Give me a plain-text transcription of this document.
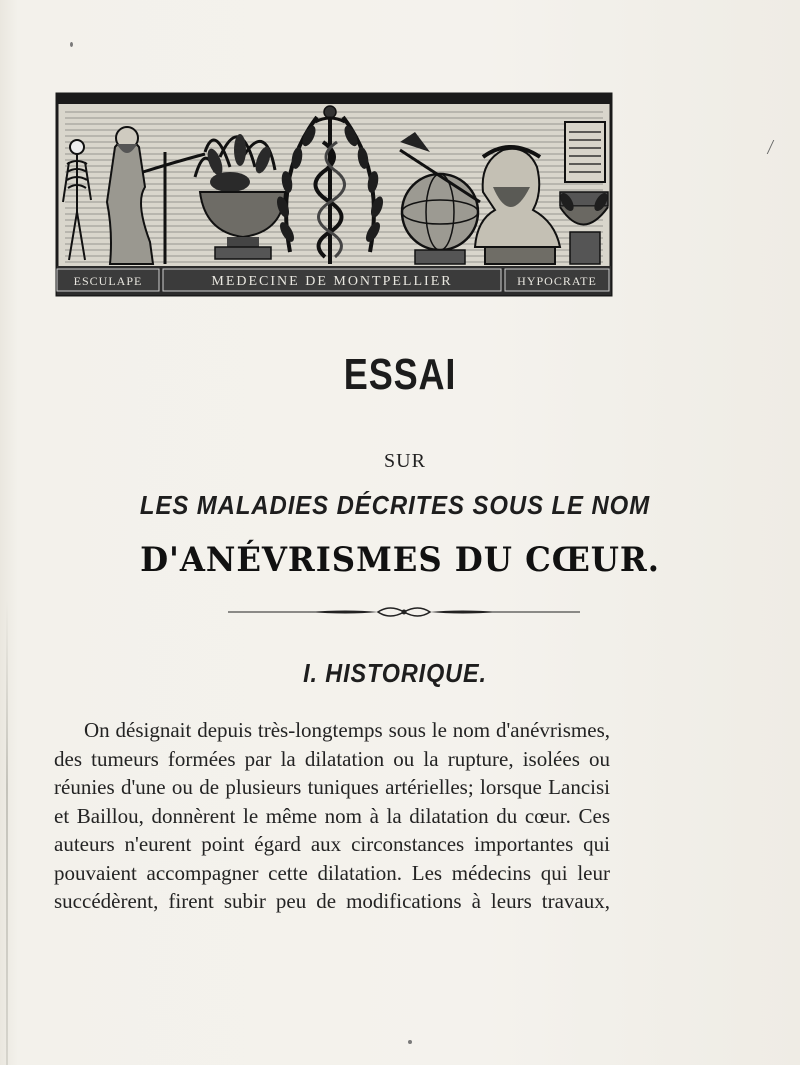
ESCULAPE	MEDECINE DE MONTPELLIER	HYPOCRATE
ESSAI
SUR
LES MALADIES DÉCRITES SOUS LE NOM
D'ANÉVRISMES DU CŒUR.
I. HISTORIQUE.
On désignait depuis très-longtemps sous le nom d'anévrismes,
des tumeurs formées par la dilatation ou la rupture, isolées ou
réunies d'une ou de plusieurs tuniques artérielles; lorsque Lancisi
et Baillou, donnèrent le même nom à la dilatation du cœur. Ces
auteurs n'eurent point égard aux circonstances importantes qui
pouvaient accompagner cette dilatation. Les médecins qui leur
succédèrent, firent subir peu de modifications à leurs travaux,
